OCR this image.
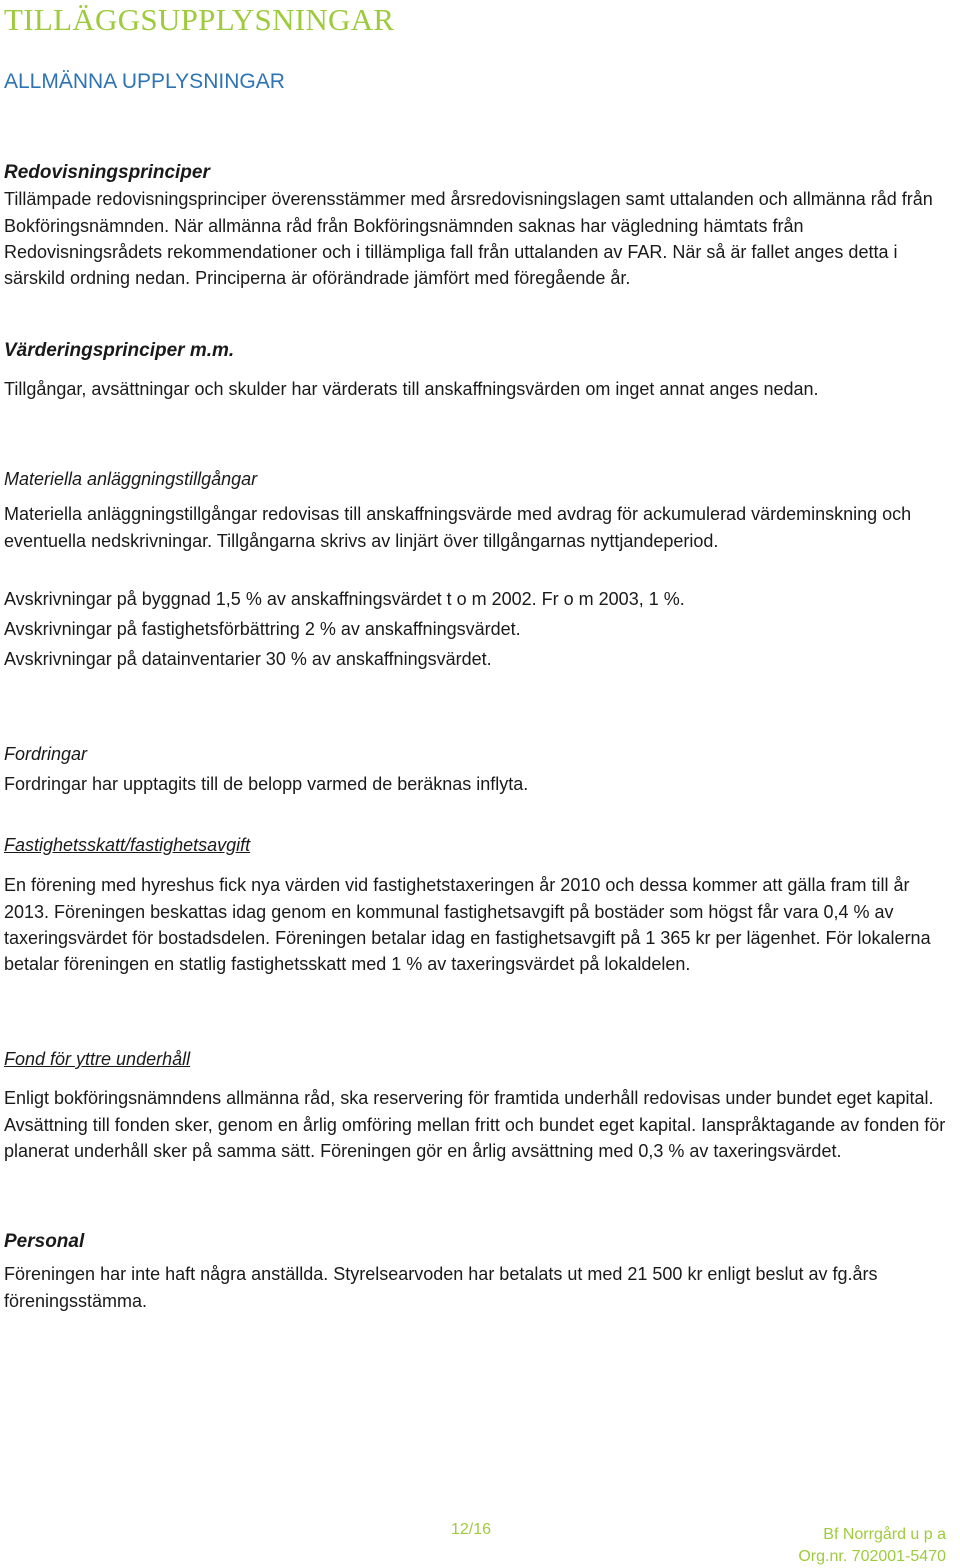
TILLÄGGSUPPLYSNINGAR
ALLMÄNNA UPPLYSNINGAR
Redovisningsprinciper

Tillämpade redovisningsprinciper överensstämmer med årsredovisningslagen samt uttalanden och allmänna råd från Bokföringsnämnden. När allmänna råd från Bokföringsnämnden saknas har vägledning hämtats från Redovisningsrådets rekommendationer och i tillämpliga fall från uttalanden av FAR. När så är fallet anges detta i särskild ordning nedan. Principerna är oförändrade jämfört med föregående år.

Värderingsprinciper m.m.

Tillgångar, avsättningar och skulder har värderats till anskaffningsvärden om inget annat anges nedan.

Materiella anläggningstillgångar

Materiella anläggningstillgångar redovisas till anskaffningsvärde med avdrag för ackumulerad värdeminskning och eventuella nedskrivningar. Tillgångarna skrivs av linjärt över tillgångarnas nyttjandeperiod.

Avskrivningar på byggnad 1,5 % av anskaffningsvärdet t o m 2002. Fr o m 2003, 1 %.

Avskrivningar på fastighetsförbättring 2 % av anskaffningsvärdet.

Avskrivningar på datainventarier 30 % av anskaffningsvärdet.

Fordringar

Fordringar har upptagits till de belopp varmed de beräknas inflyta.

Fastighetsskatt/fastighetsavgift

En förening med hyreshus fick nya värden vid fastighetstaxeringen år 2010 och dessa kommer att gälla fram till år 2013. Föreningen beskattas idag genom en kommunal fastighetsavgift på bostäder som högst får vara 0,4 % av taxeringsvärdet för bostadsdelen. Föreningen betalar idag en fastighetsavgift på 1 365 kr per lägenhet. För lokalerna betalar föreningen en statlig fastighetsskatt med 1 % av taxeringsvärdet på lokaldelen.

Fond för yttre underhåll

Enligt bokföringsnämndens allmänna råd, ska reservering för framtida underhåll redovisas under bundet eget kapital. Avsättning till fonden sker, genom en årlig omföring mellan fritt och bundet eget kapital. Ianspråktagande av fonden för planerat underhåll sker på samma sätt. Föreningen gör en årlig avsättning med 0,3 % av taxeringsvärdet.

Personal

Föreningen har inte haft några anställda. Styrelsearvoden har betalats ut med 21 500 kr enligt beslut av fg.års föreningsstämma.

12/16	Bf Norrgård u p a
Org.nr. 702001-5470
